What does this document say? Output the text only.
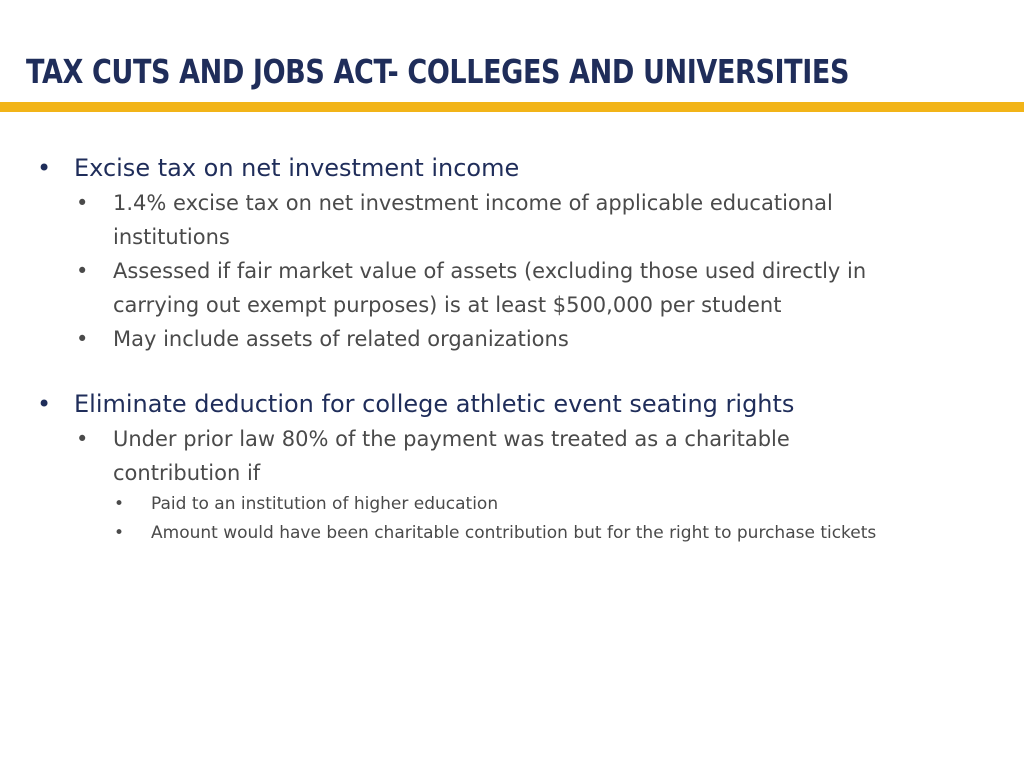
TAX CUTS AND JOBS ACT- COLLEGES AND UNIVERSITIES
• Excise tax on net investment income
• 1.4% excise tax on net investment income of applicable educational
institutions
• Assessed if fair market value of assets (excluding those used directly in
carrying out exempt purposes) is at least $500,000 per student
• May include assets of related organizations
• Eliminate deduction for college athletic event seating rights
• Under prior law 80% of the payment was treated as a charitable
contribution if
• Paid to an institution of higher education
• Amount would have been charitable contribution but for the right to purchase tickets
